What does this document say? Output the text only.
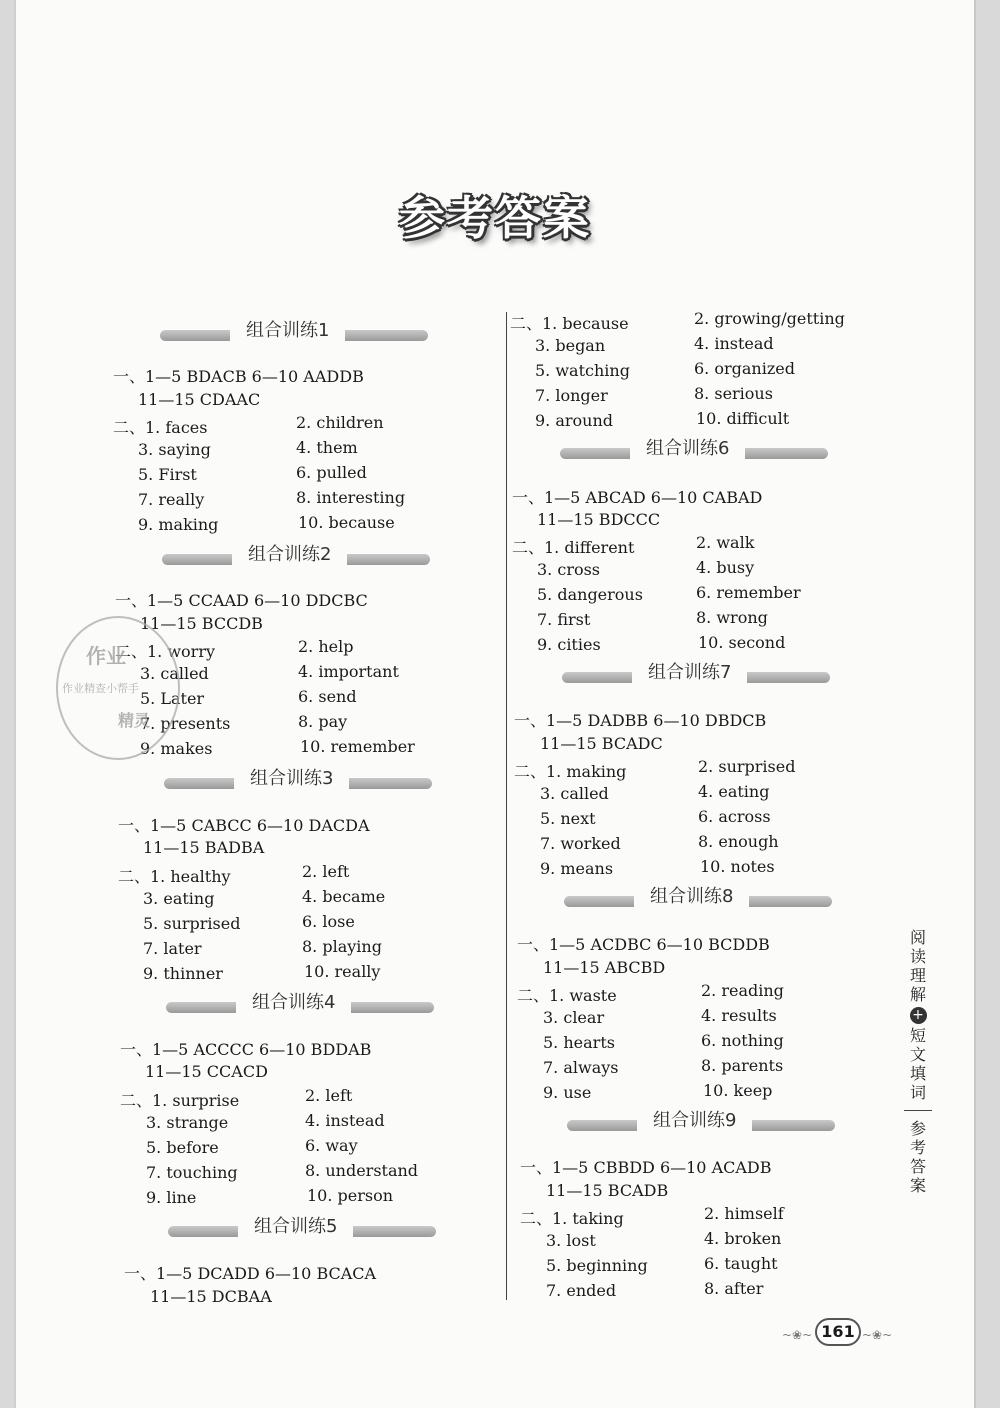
参考答案
组合训练1
一、1—5 BDACB 6—10 AADDB
11—15 CDAAC
二、1. faces	2. children
3. saying	4. them
5. First	6. pulled
7. really	8. interesting
9. making	10. because
组合训练2
一、1—5 CCAAD 6—10 DDCBC
11—15 BCCDB
二、1. worry	2. help
3. called	4. important
5. Later	6. send
7. presents	8. pay
9. makes	10. remember
组合训练3
一、1—5 CABCC 6—10 DACDA
11—15 BADBA
二、1. healthy	2. left
3. eating	4. became
5. surprised	6. lose
7. later	8. playing
9. thinner	10. really
组合训练4
一、1—5 ACCCC 6—10 BDDAB
11—15 CCACD
二、1. surprise	2. left
3. strange	4. instead
5. before	6. way
7. touching	8. understand
9. line	10. person
组合训练5
一、1—5 DCADD 6—10 BCACA
11—15 DCBAA
二、1. because	2. growing/getting
3. began	4. instead
5. watching	6. organized
7. longer	8. serious
9. around	10. difficult
组合训练6
一、1—5 ABCAD 6—10 CABAD
11—15 BDCCC
二、1. different	2. walk
3. cross	4. busy
5. dangerous	6. remember
7. first	8. wrong
9. cities	10. second
组合训练7
一、1—5 DADBB 6—10 DBDCB
11—15 BCADC
二、1. making	2. surprised
3. called	4. eating
5. next	6. across
7. worked	8. enough
9. means	10. notes
组合训练8
一、1—5 ACDBC 6—10 BCDDB
11—15 ABCBD
二、1. waste	2. reading
3. clear	4. results
5. hearts	6. nothing
7. always	8. parents
9. use	10. keep
组合训练9
一、1—5 CBBDD 6—10 ACADB
11—15 BCADB
二、1. taking	2. himself
3. lost	4. broken
5. beginning	6. taught
7. ended	8. after
阅读理解
+
短文填词
参考答案
~❀~ 161 ~❀~
作业
作业精查小帮手
精灵
